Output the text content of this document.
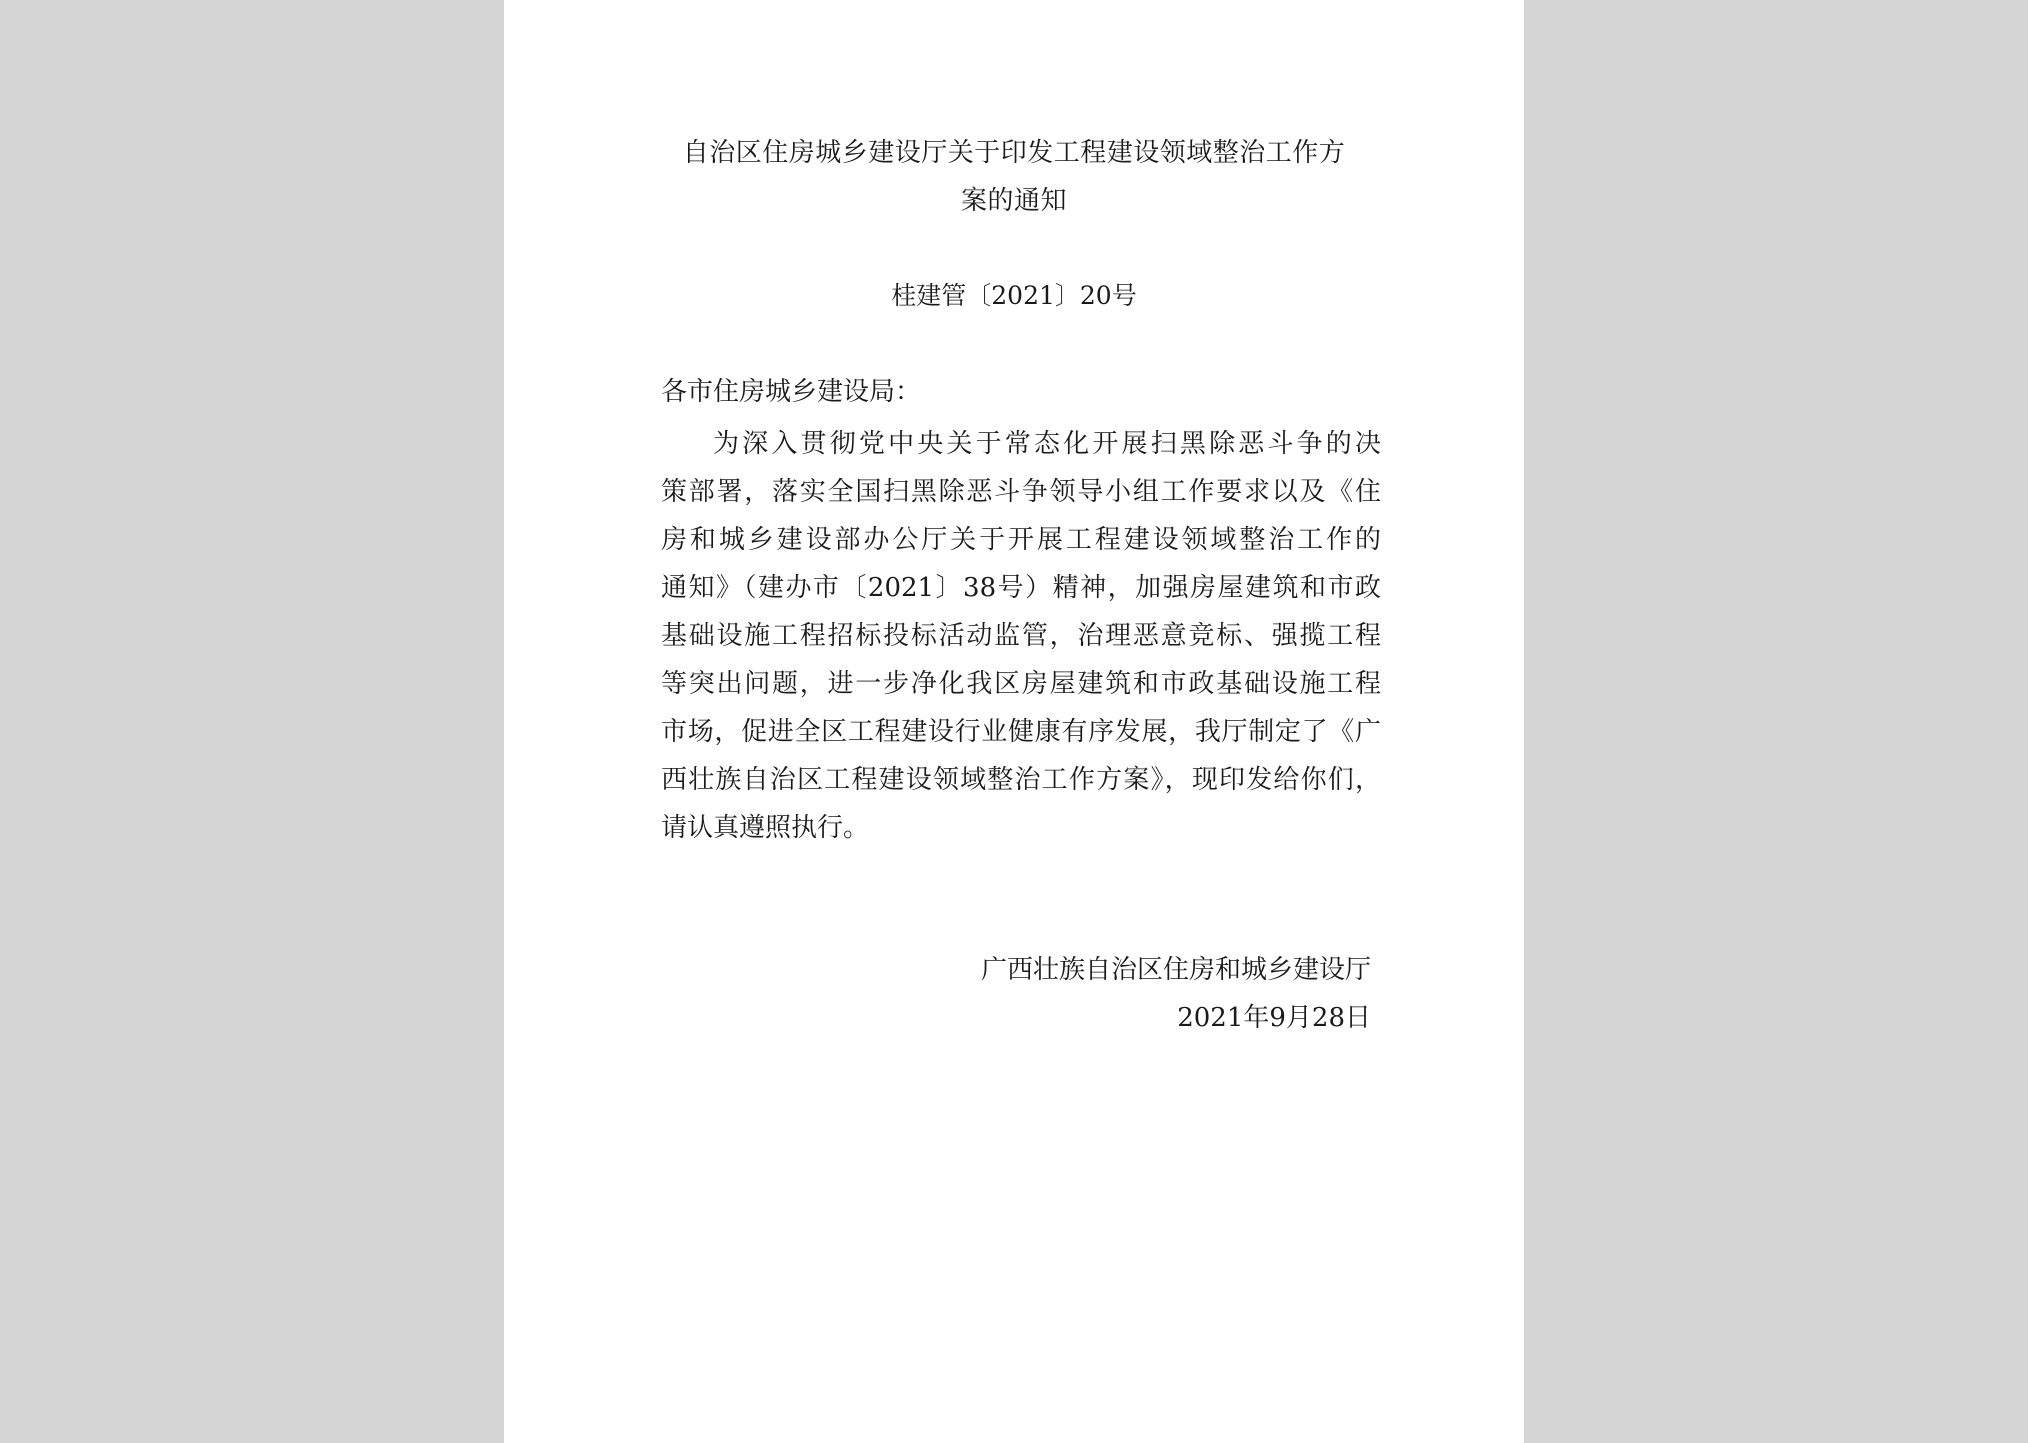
自治区住房城乡建设厅关于印发工程建设领域整治工作方
案的通知
桂建管〔2021〕20号
各市住房城乡建设局：
为深入贯彻党中央关于常态化开展扫黑除恶斗争的决
策部署，落实全国扫黑除恶斗争领导小组工作要求以及《住
房和城乡建设部办公厅关于开展工程建设领域整治工作的
通知》（建办市〔2021〕38号）精神，加强房屋建筑和市政
基础设施工程招标投标活动监管，治理恶意竞标、强揽工程
等突出问题，进一步净化我区房屋建筑和市政基础设施工程
市场，促进全区工程建设行业健康有序发展，我厅制定了《广
西壮族自治区工程建设领域整治工作方案》，现印发给你们，
请认真遵照执行。
广西壮族自治区住房和城乡建设厅
2021年9月28日
